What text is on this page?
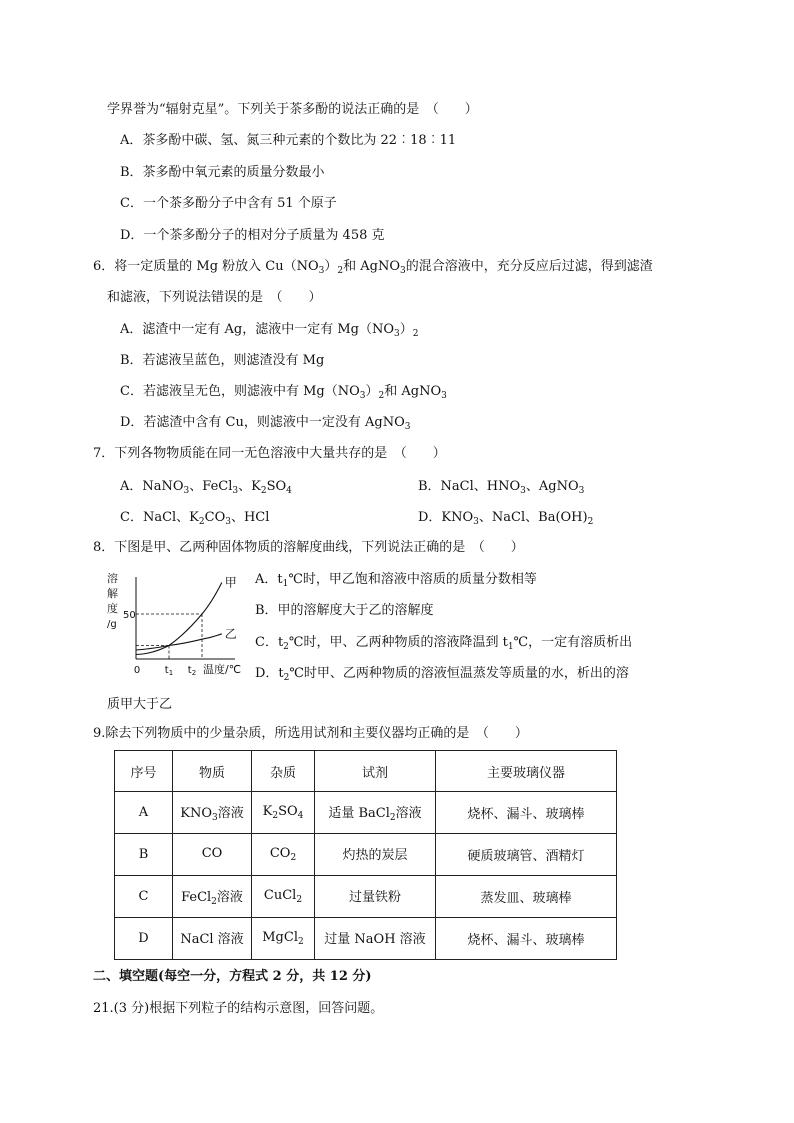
学界誉为“辐射克星”。下列关于茶多酚的说法正确的是　（　　）
A．茶多酚中碳、氢、氮三种元素的个数比为 22︰18︰11
B．茶多酚中氧元素的质量分数最小
C．一个茶多酚分子中含有 51 个原子
D．一个茶多酚分子的相对分子质量为 458 克
6．将一定质量的 Mg 粉放入 $Cu(NO_3)_2$和 AgNO$_3$的混合溶液中，充分反应后过滤，得到滤渣
和滤液，下列说法错误的是　（　　）
A．滤渣中一定有 Ag，滤液中一定有 $Mg(NO_3)_2$
B．若滤液呈蓝色，则滤渣没有 Mg
C．若滤液呈无色，则滤液中有 $Mg(NO_3)_2$和 AgNO$_3$
D．若滤渣中含有 Cu，则滤液中一定没有 AgNO$_3$
7．下列各物物质能在同一无色溶液中大量共存的是　（　　）
A．NaNO$_3$、FeCl$_3$、$K_2SO_4$	B．NaCl、$HNO_3$、AgNO$_3$
C．NaCl、$K_2CO_3$、HCl	D．$KNO_3$、NaCl、$Ba(OH)_2$
8．下图是甲、乙两种固体物质的溶解度曲线，下列说法正确的是　（　　）
溶
解
度
/g
50
甲
乙
0 $t_1$ $t_2$ 温度/℃
A．$t_1℃$时，甲乙饱和溶液中溶质的质量分数相等
B．甲的溶解度大于乙的溶解度
C．$t_2℃$时，甲、乙两种物质的溶液降温到 $t_1℃$，一定有溶质析出
D．$t_2℃$时甲、乙两种物质的溶液恒温蒸发等质量的水，析出的溶
质甲大于乙
9.除去下列物质中的少量杂质，所选用试剂和主要仪器均正确的是　（　　）
序号	物质	杂质	试剂	主要玻璃仪器
A	$KNO_3$溶液	$K_2SO_4$	适量 BaCl$_2$溶液	烧杯、漏斗、玻璃棒
B	CO	$CO_2$	灼热的炭层	硬质玻璃管、酒精灯
C	FeCl$_2$溶液	CuCl$_2$	过量铁粉	蒸发皿、玻璃棒
D	NaCl 溶液	MgCl$_2$	过量 NaOH 溶液	烧杯、漏斗、玻璃棒
二、填空题(每空一分，方程式 2 分，共 12 分)
21.(3 分)根据下列粒子的结构示意图，回答问题。
